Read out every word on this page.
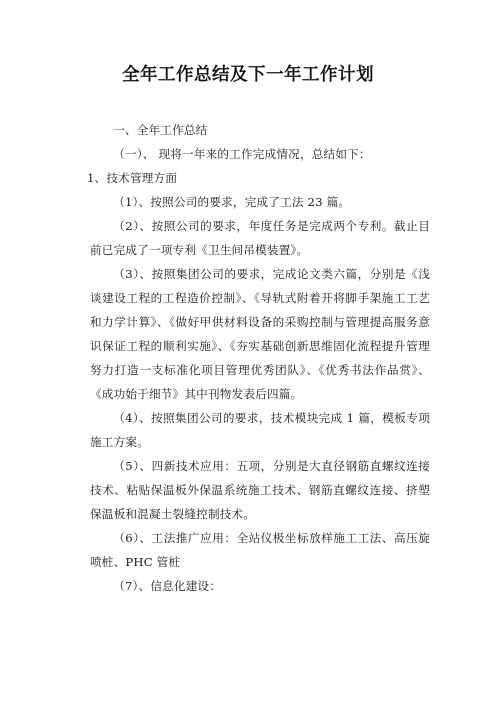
全年工作总结及下一年工作计划

一、全年工作总结

（一）、 现将一年来的工作完成情况，总结如下：

1、技术管理方面

（1）、按照公司的要求，完成了工法 23 篇。

（2）、按照公司的要求，年度任务是完成两个专利。截止目前已完成了一项专利《卫生间吊模装置》。

（3）、按照集团公司的要求，完成论文类六篇，分别是《浅谈建设工程的工程造价控制》、《导轨式附着开将脚手架施工工艺和力学计算》、《做好甲供材料设备的采购控制与管理提高服务意识保证工程的顺利实施》、《夯实基础创新思维固化流程提升管理努力打造一支标准化项目管理优秀团队》、《优秀书法作品赏》、《成功始于细节》其中刊物发表后四篇。

（4）、按照集团公司的要求，技术模块完成 1 篇，模板专项施工方案。

（5）、四新技术应用：五项，分别是大直径钢筋直螺纹连接技术、粘贴保温板外保温系统施工技术、钢筋直螺纹连接、挤塑保温板和混凝土裂缝控制技术。

（6）、工法推广应用：全站仪极坐标放样施工工法、高压旋喷桩、PHC 管桩

（7）、信息化建设：
